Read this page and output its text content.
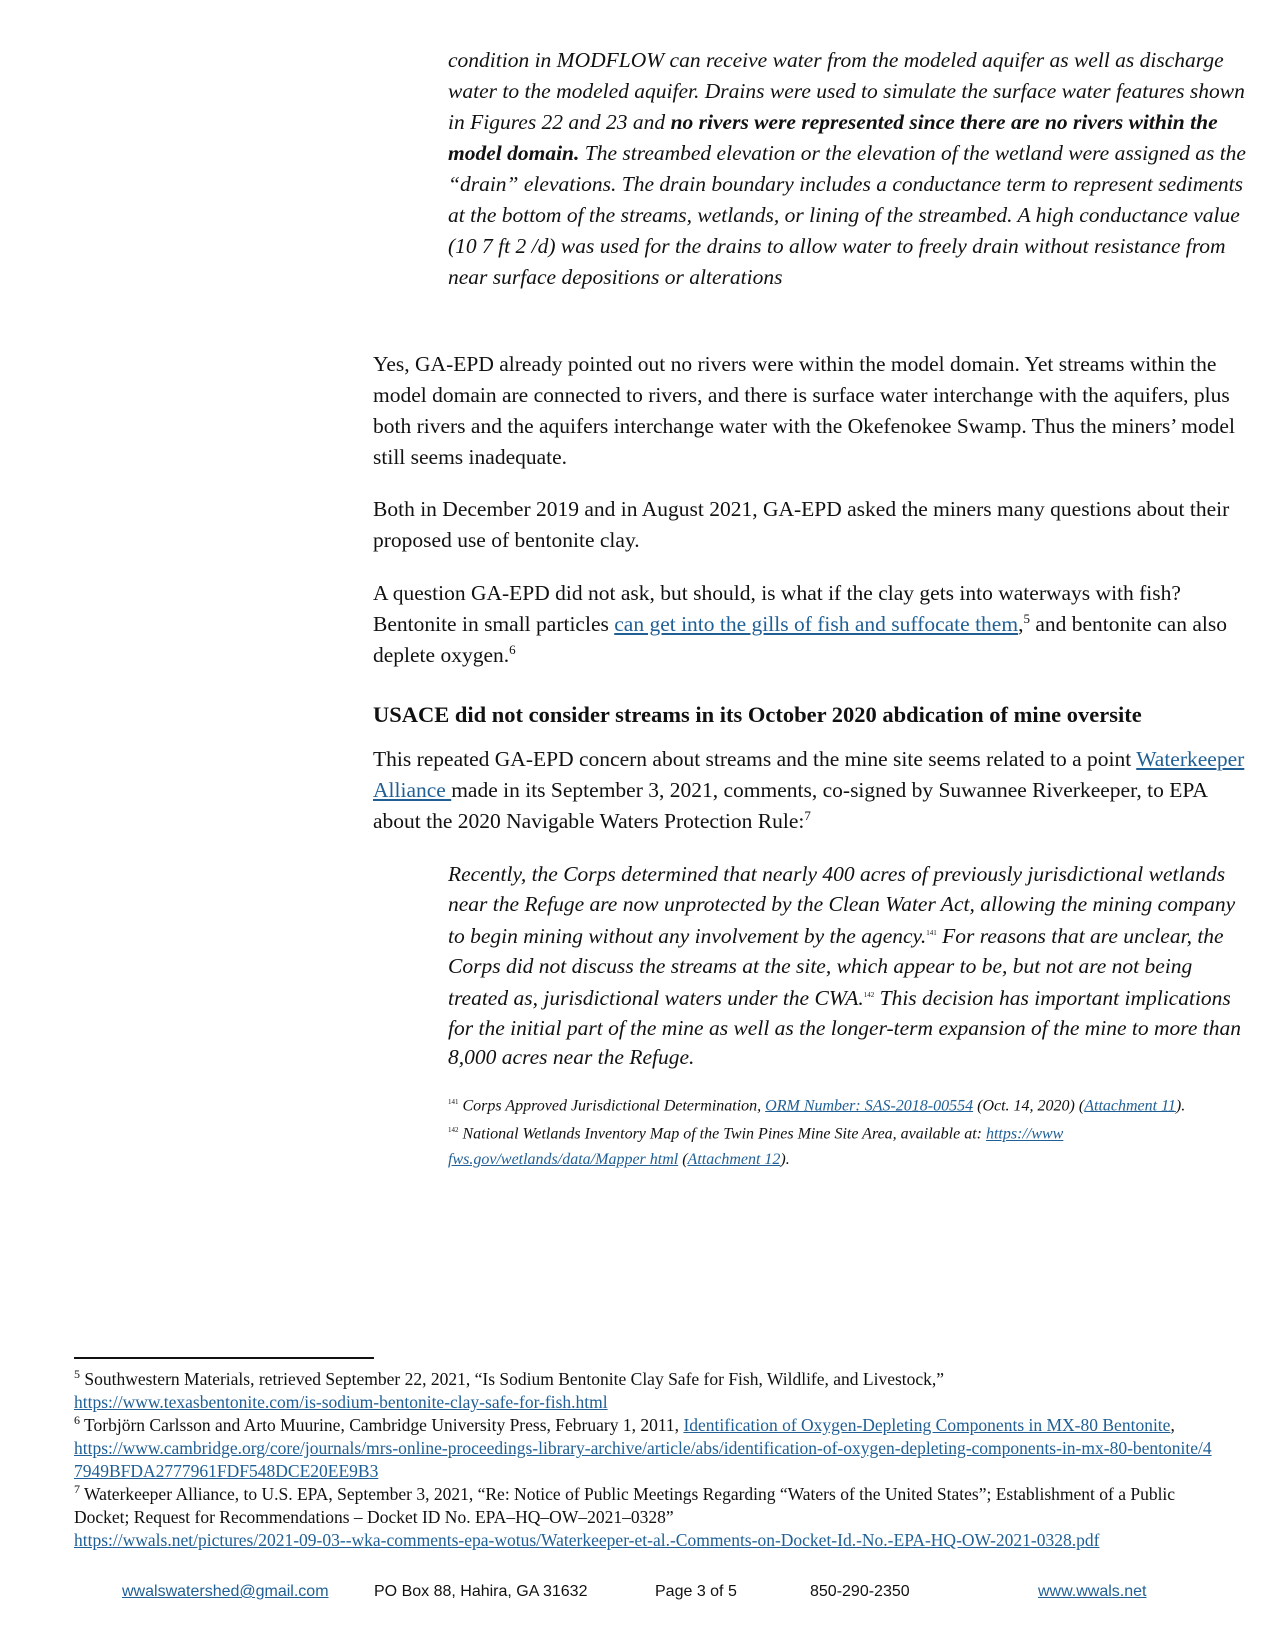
condition in MODFLOW can receive water from the modeled aquifer as well as discharge water to the modeled aquifer. Drains were used to simulate the surface water features shown in Figures 22 and 23 and no rivers were represented since there are no rivers within the model domain. The streambed elevation or the elevation of the wetland were assigned as the “drain” elevations. The drain boundary includes a conductance term to represent sediments at the bottom of the streams, wetlands, or lining of the streambed. A high conductance value (10 7 ft 2 /d) was used for the drains to allow water to freely drain without resistance from near surface depositions or alterations
Yes, GA-EPD already pointed out no rivers were within the model domain. Yet streams within the model domain are connected to rivers, and there is surface water interchange with the aquifers, plus both rivers and the aquifers interchange water with the Okefenokee Swamp. Thus the miners’ model still seems inadequate.
Both in December 2019 and in August 2021, GA-EPD asked the miners many questions about their proposed use of bentonite clay.
A question GA-EPD did not ask, but should, is what if the clay gets into waterways with fish? Bentonite in small particles can get into the gills of fish and suffocate them,$^5$ and bentonite can also deplete oxygen.$^6$
USACE did not consider streams in its October 2020 abdication of mine oversite
This repeated GA-EPD concern about streams and the mine site seems related to a point Waterkeeper Alliance made in its September 3, 2021, comments, co-signed by Suwannee Riverkeeper, to EPA about the 2020 Navigable Waters Protection Rule:$^7$
Recently, the Corps determined that nearly 400 acres of previously jurisdictional wetlands near the Refuge are now unprotected by the Clean Water Act, allowing the mining company to begin mining without any involvement by the agency.$^{141}$ For reasons that are unclear, the Corps did not discuss the streams at the site, which appear to be, but not are not being treated as, jurisdictional waters under the CWA.$^{142}$ This decision has important implications for the initial part of the mine as well as the longer-term expansion of the mine to more than 8,000 acres near the Refuge.
$^{141}$ Corps Approved Jurisdictional Determination, ORM Number: SAS-2018-00554 (Oct. 14, 2020) (Attachment 11).
$^{142}$ National Wetlands Inventory Map of the Twin Pines Mine Site Area, available at: https://www fws.gov/wetlands/data/Mapper html (Attachment 12).
$^5$ Southwestern Materials, retrieved September 22, 2021, “Is Sodium Bentonite Clay Safe for Fish, Wildlife, and Livestock,”
https://www.texasbentonite.com/is-sodium-bentonite-clay-safe-for-fish.html
$^6$ Torbjörn Carlsson and Arto Muurine, Cambridge University Press, February 1, 2011, Identification of Oxygen-Depleting Components in MX-80 Bentonite,
https://www.cambridge.org/core/journals/mrs-online-proceedings-library-archive/article/abs/identification-of-oxygen-depleting-components-in-mx-80-bentonite/47949BFDA2777961FDF548DCE20EE9B3
$^7$ Waterkeeper Alliance, to U.S. EPA, September 3, 2021, “Re: Notice of Public Meetings Regarding “Waters of the United States”; Establishment of a Public Docket; Request for Recommendations – Docket ID No. EPA–HQ–OW–2021–0328”
https://wwals.net/pictures/2021-09-03--wka-comments-epa-wotus/Waterkeeper-et-al.-Comments-on-Docket-Id.-No.-EPA-HQ-OW-2021-0328.pdf
wwalswatershed@gmail.com	PO Box 88, Hahira, GA 31632	Page 3 of 5	850-290-2350	www.wwals.net
